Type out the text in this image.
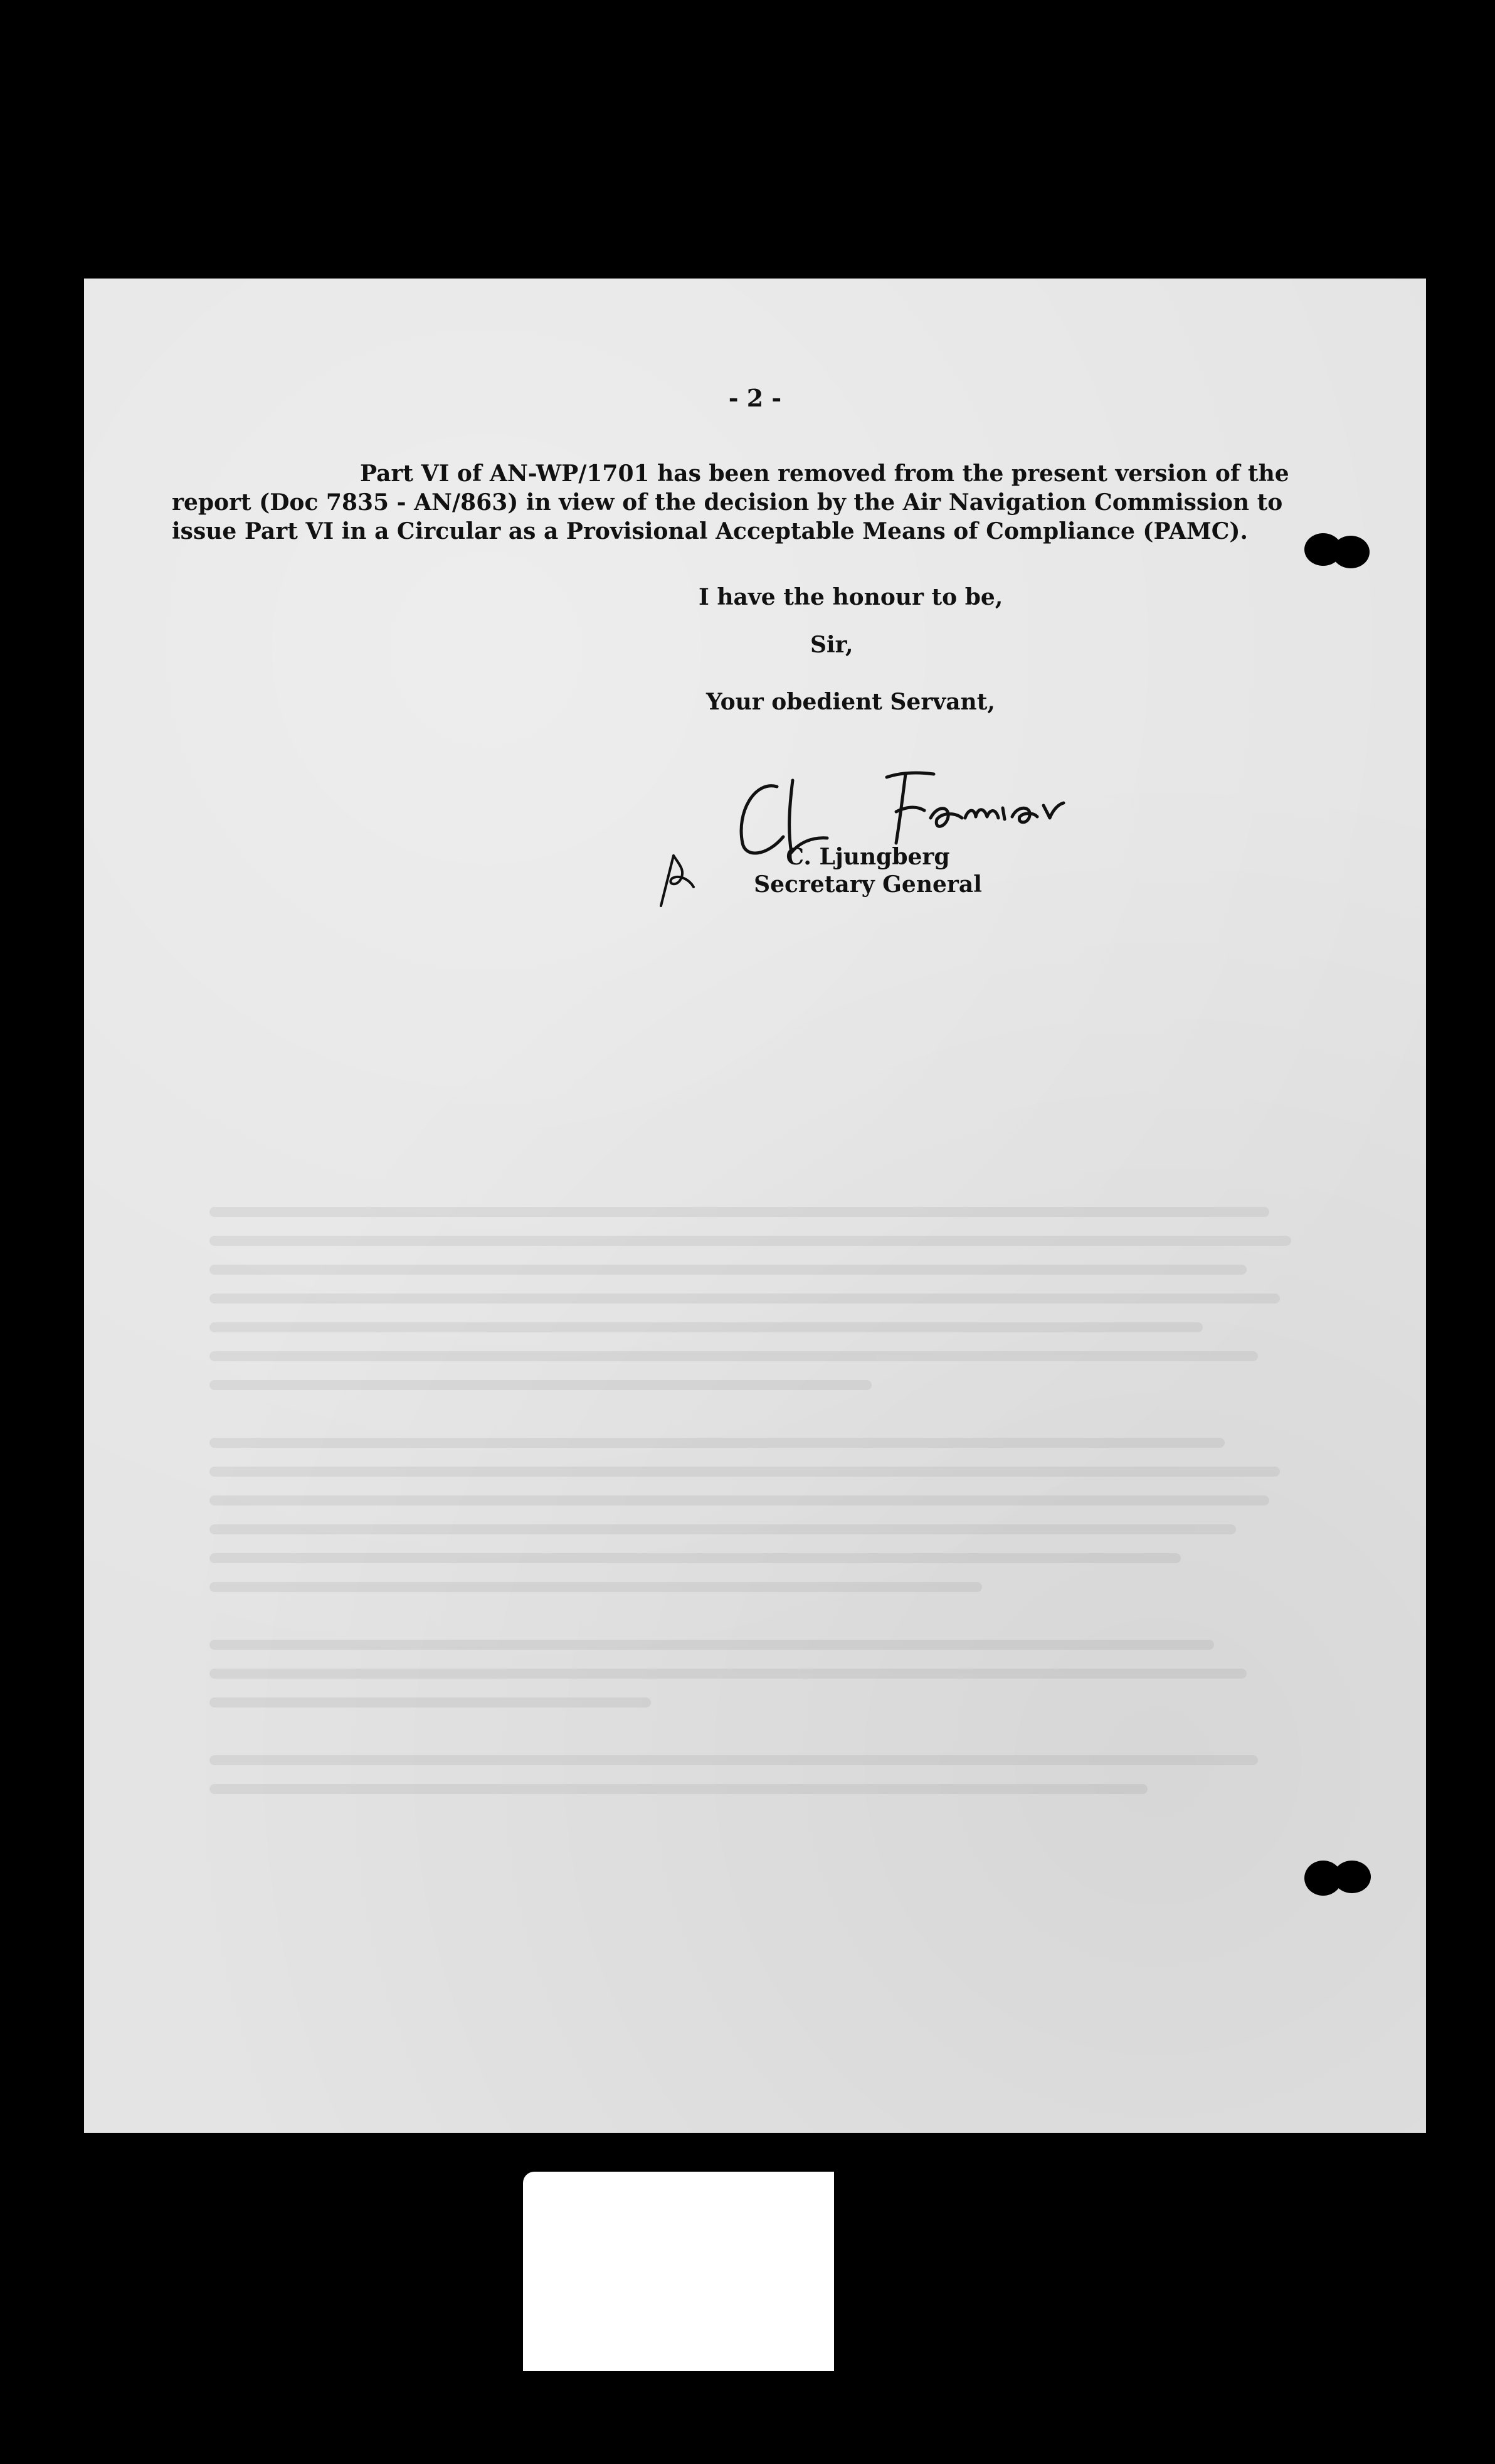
- 2 -

Part VI of AN-WP/1701 has been removed from the present version of the report (Doc 7835 - AN/863) in view of the decision by the Air Navigation Commission to issue Part VI in a Circular as a Provisional Acceptable Means of Compliance (PAMC).

I have the honour to be,

Sir,

Your obedient Servant,

C. Ljungberg
Secretary General
